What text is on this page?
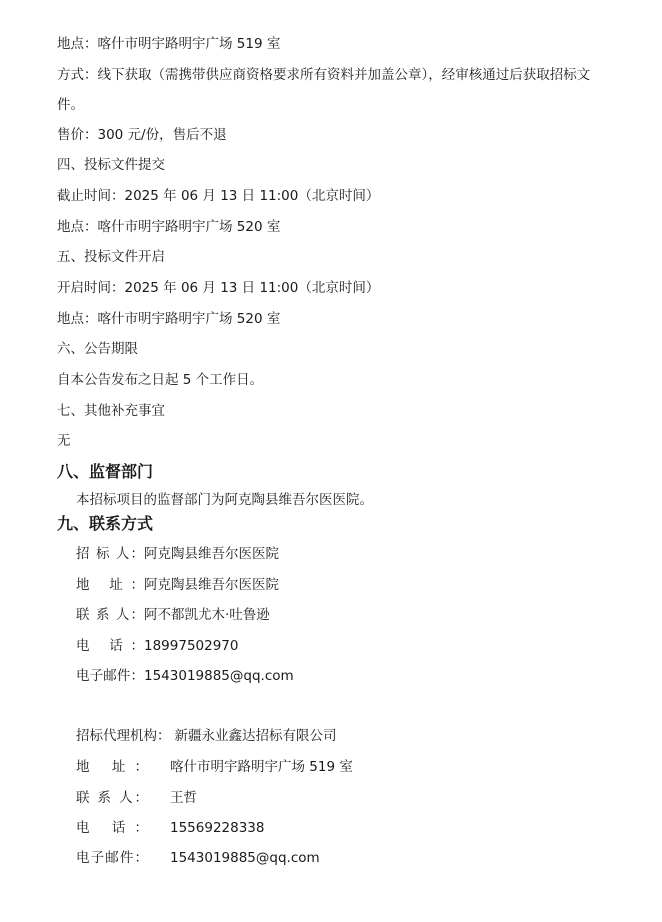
地点：喀什市明宇路明宇广场 519 室
方式：线下获取（需携带供应商资格要求所有资料并加盖公章），经审核通过后获取招标文
件。
售价：300 元/份，售后不退
四、投标文件提交
截止时间：2025 年 06 月 13 日 11:00（北京时间）
地点：喀什市明宇路明宇广场 520 室
五、投标文件开启
开启时间：2025 年 06 月 13 日 11:00（北京时间）
地点：喀什市明宇路明宇广场 520 室
六、公告期限
自本公告发布之日起 5 个工作日。
七、其他补充事宜
无
八、监督部门
本招标项目的监督部门为阿克陶县维吾尔医医院。
九、联系方式
招 标 人：阿克陶县维吾尔医医院
地 址：阿克陶县维吾尔医医院
联 系 人：阿不都凯尤木·吐鲁逊
电 话：18997502970
电子邮件：1543019885@qq.com
招标代理机构： 新疆永业鑫达招标有限公司
地 址： 喀什市明宇路明宇广场 519 室
联 系 人： 王哲
电 话： 15569228338
电子邮件： 1543019885@qq.com
